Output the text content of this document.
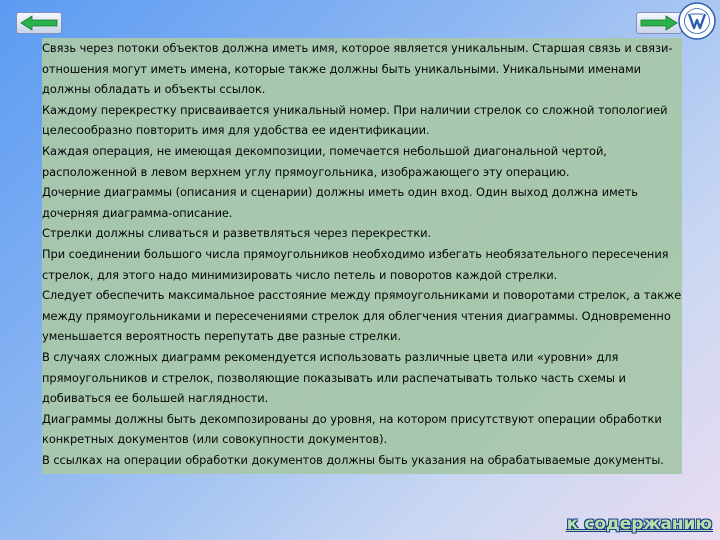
Связь через потоки объектов должна иметь имя, которое является уникальным. Старшая связь и связи-отношения могут иметь имена, которые также должны быть уникальными. Уникальными именами должны обладать и объекты ссылок.

Каждому перекрестку присваивается уникальный номер. При наличии стрелок со сложной топологией целесообразно повторить имя для удобства ее идентификации.

Каждая операция, не имеющая декомпозиции, помечается небольшой диагональной чертой, расположенной в левом верхнем углу прямоугольника, изображающего эту операцию.

Дочерние диаграммы (описания и сценарии) должны иметь один вход. Один выход должна иметь дочерняя диаграмма-описание.

Стрелки должны сливаться и разветвляться через перекрестки.

При соединении большого числа прямоугольников необходимо избегать необязательного пересечения стрелок, для этого надо минимизировать число петель и поворотов каждой стрелки.

Следует обеспечить максимальное расстояние между прямоугольниками и поворотами стрелок, а также между прямоугольниками и пересечениями стрелок для облегчения чтения диаграммы. Одновременно уменьшается вероятность перепутать две разные стрелки.

В случаях сложных диаграмм рекомендуется использовать различные цвета или «уровни» для прямоугольников и стрелок, позволяющие показывать или распечатывать только часть схемы и добиваться ее большей наглядности.

Диаграммы должны быть декомпозированы до уровня, на котором присутствуют операции обработки конкретных документов (или совокупности документов).

В ссылках на операции обработки документов должны быть указания на обрабатываемые документы.

к содержанию
